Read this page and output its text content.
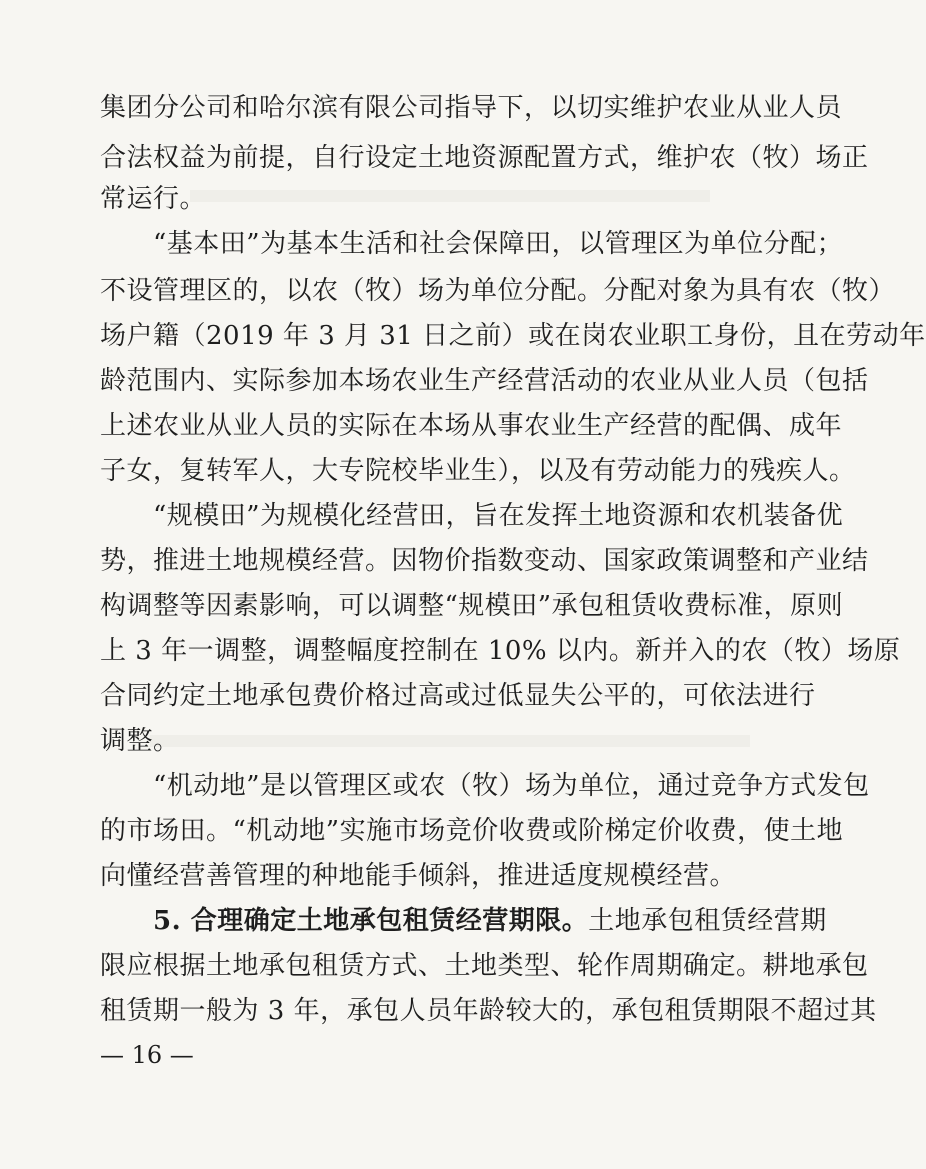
集团分公司和哈尔滨有限公司指导下，以切实维护农业从业人员
合法权益为前提，自行设定土地资源配置方式，维护农（牧）场正
常运行。
“基本田”为基本生活和社会保障田，以管理区为单位分配；
不设管理区的，以农（牧）场为单位分配。分配对象为具有农（牧）
场户籍（2019 年 3 月 31 日之前）或在岗农业职工身份，且在劳动年
龄范围内、实际参加本场农业生产经营活动的农业从业人员（包括
上述农业从业人员的实际在本场从事农业生产经营的配偶、成年
子女，复转军人，大专院校毕业生），以及有劳动能力的残疾人。
“规模田”为规模化经营田，旨在发挥土地资源和农机装备优
势，推进土地规模经营。因物价指数变动、国家政策调整和产业结
构调整等因素影响，可以调整“规模田”承包租赁收费标准，原则
上 3 年一调整，调整幅度控制在 10% 以内。新并入的农（牧）场原
合同约定土地承包费价格过高或过低显失公平的，可依法进行
调整。
“机动地”是以管理区或农（牧）场为单位，通过竞争方式发包
的市场田。“机动地”实施市场竞价收费或阶梯定价收费，使土地
向懂经营善管理的种地能手倾斜，推进适度规模经营。
5. 合理确定土地承包租赁经营期限。土地承包租赁经营期
限应根据土地承包租赁方式、土地类型、轮作周期确定。耕地承包
租赁期一般为 3 年，承包人员年龄较大的，承包租赁期限不超过其
— 16 —
